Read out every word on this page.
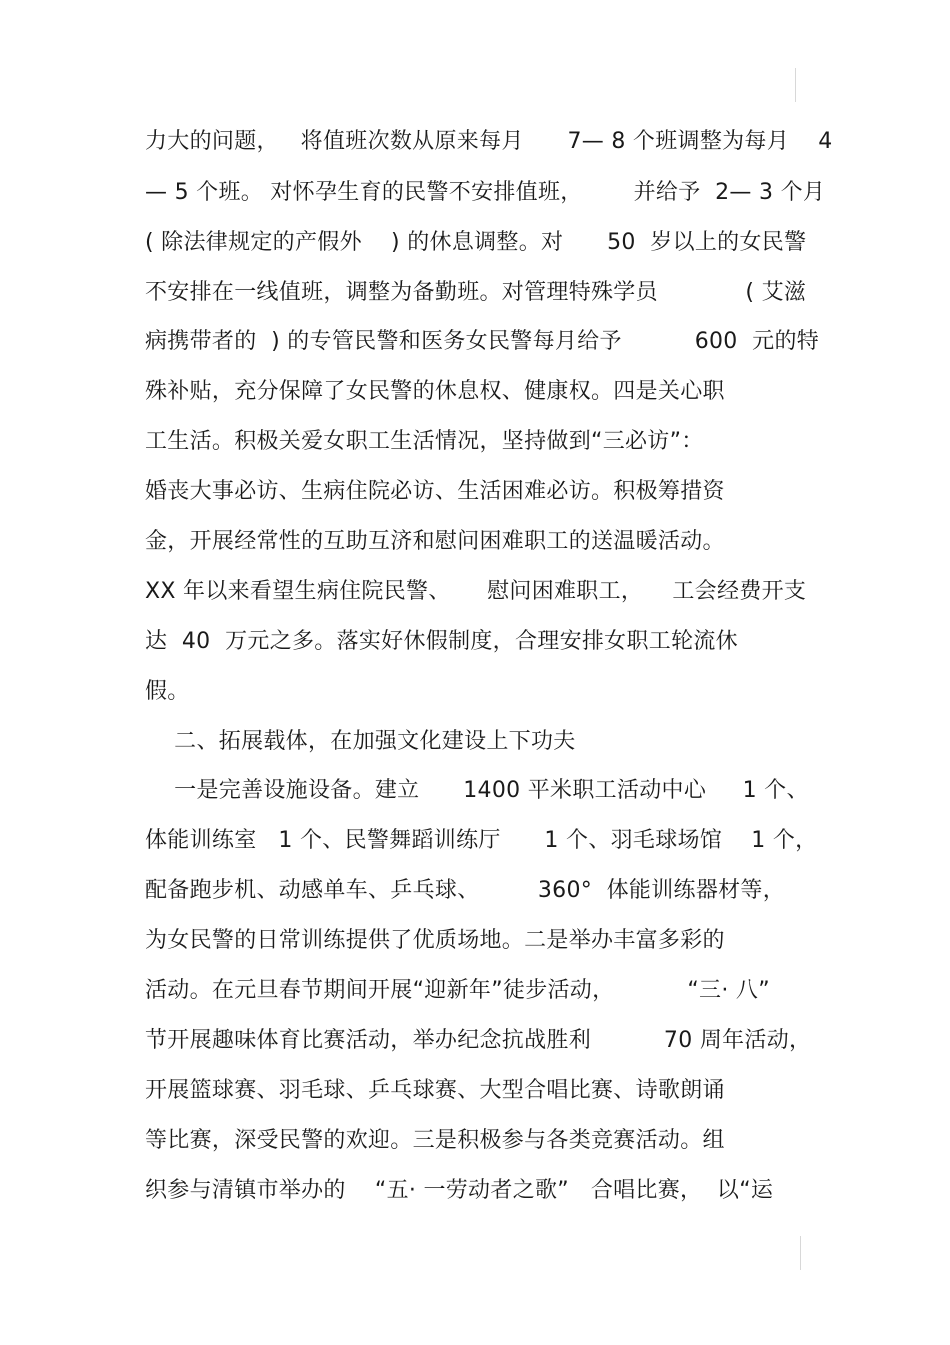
力大的问题，   将值班次数从原来每月      7— 8 个班调整为每月    4
— 5 个班。 对怀孕生育的民警不安排值班，       并给予  2— 3 个月
( 除法律规定的产假外    ) 的休息调整。对      50  岁以上的女民警
不安排在一线值班，调整为备勤班。对管理特殊学员            ( 艾滋
病携带者的  ) 的专管民警和医务女民警每月给予          600  元的特
殊补贴，充分保障了女民警的休息权、健康权。四是关心职
工生活。积极关爱女职工生活情况，坚持做到“三必访”：
婚丧大事必访、生病住院必访、生活困难必访。积极筹措资
金，开展经常性的互助互济和慰问困难职工的送温暖活动。
XX 年以来看望生病住院民警、     慰问困难职工，    工会经费开支
达  40  万元之多。落实好休假制度，合理安排女职工轮流休
假。
二、拓展载体，在加强文化建设上下功夫
一是完善设施设备。建立      1400 平米职工活动中心     1 个、
体能训练室   1 个、民警舞蹈训练厅      1 个、羽毛球场馆    1 个，
配备跑步机、动感单车、乒乓球、        360°  体能训练器材等，
为女民警的日常训练提供了优质场地。二是举办丰富多彩的
活动。在元旦春节期间开展“迎新年”徒步活动，          “三· 八”
节开展趣味体育比赛活动，举办纪念抗战胜利          70 周年活动，
开展篮球赛、羽毛球、乒乓球赛、大型合唱比赛、诗歌朗诵
等比赛，深受民警的欢迎。三是积极参与各类竞赛活动。组
织参与清镇市举办的    “五· 一劳动者之歌”   合唱比赛，  以“运
